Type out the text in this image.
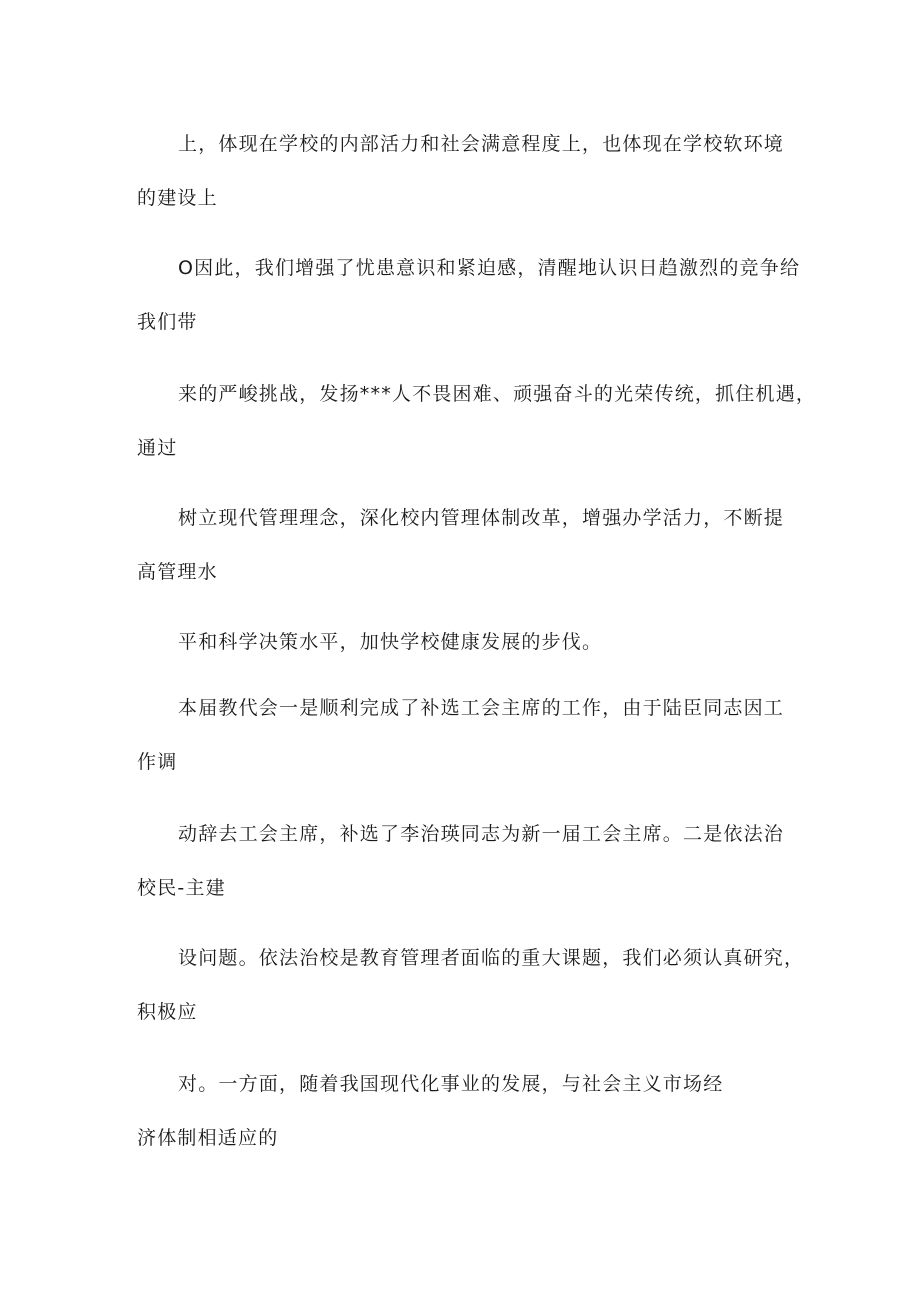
上，体现在学校的内部活力和社会满意程度上，也体现在学校软环境
的建设上
O因此，我们增强了忧患意识和紧迫感，清醒地认识日趋激烈的竞争给
我们带
来的严峻挑战，发扬***人不畏困难、顽强奋斗的光荣传统，抓住机遇，
通过
树立现代管理理念，深化校内管理体制改革，增强办学活力，不断提
高管理水
平和科学决策水平，加快学校健康发展的步伐。
本届教代会一是顺利完成了补选工会主席的工作，由于陆臣同志因工
作调
动辞去工会主席，补选了李治瑛同志为新一届工会主席。二是依法治
校民-主建
设问题。依法治校是教育管理者面临的重大课题，我们必须认真研究，
积极应
对。一方面，随着我国现代化事业的发展，与社会主义市场经
济体制相适应的
